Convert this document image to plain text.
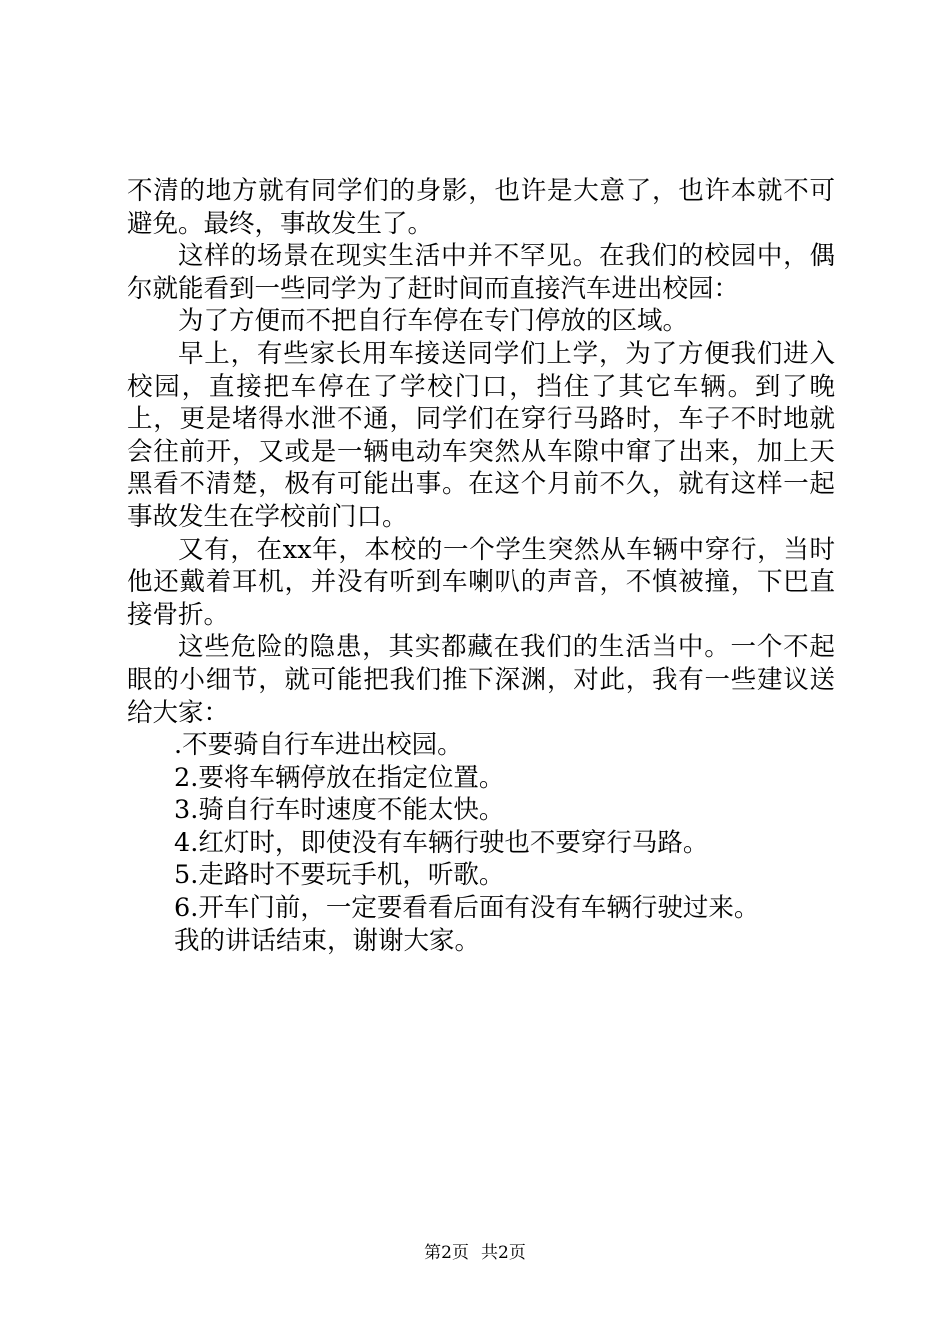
不清的地方就有同学们的身影，也许是大意了，也许本就不可避免。最终，事故发生了。

这样的场景在现实生活中并不罕见。在我们的校园中，偶尔就能看到一些同学为了赶时间而直接汽车进出校园：

为了方便而不把自行车停在专门停放的区域。

早上，有些家长用车接送同学们上学，为了方便我们进入校园，直接把车停在了学校门口，挡住了其它车辆。到了晚上，更是堵得水泄不通，同学们在穿行马路时，车子不时地就会往前开，又或是一辆电动车突然从车隙中窜了出来，加上天黑看不清楚，极有可能出事。在这个月前不久，就有这样一起事故发生在学校前门口。

又有，在xx年，本校的一个学生突然从车辆中穿行，当时他还戴着耳机，并没有听到车喇叭的声音，不慎被撞，下巴直接骨折。

这些危险的隐患，其实都藏在我们的生活当中。一个不起眼的小细节，就可能把我们推下深渊，对此，我有一些建议送给大家：

.不要骑自行车进出校园。

2.要将车辆停放在指定位置。

3.骑自行车时速度不能太快。

4.红灯时，即使没有车辆行驶也不要穿行马路。

5.走路时不要玩手机，听歌。

6.开车门前，一定要看看后面有没有车辆行驶过来。

我的讲话结束，谢谢大家。

第2页 共2页
